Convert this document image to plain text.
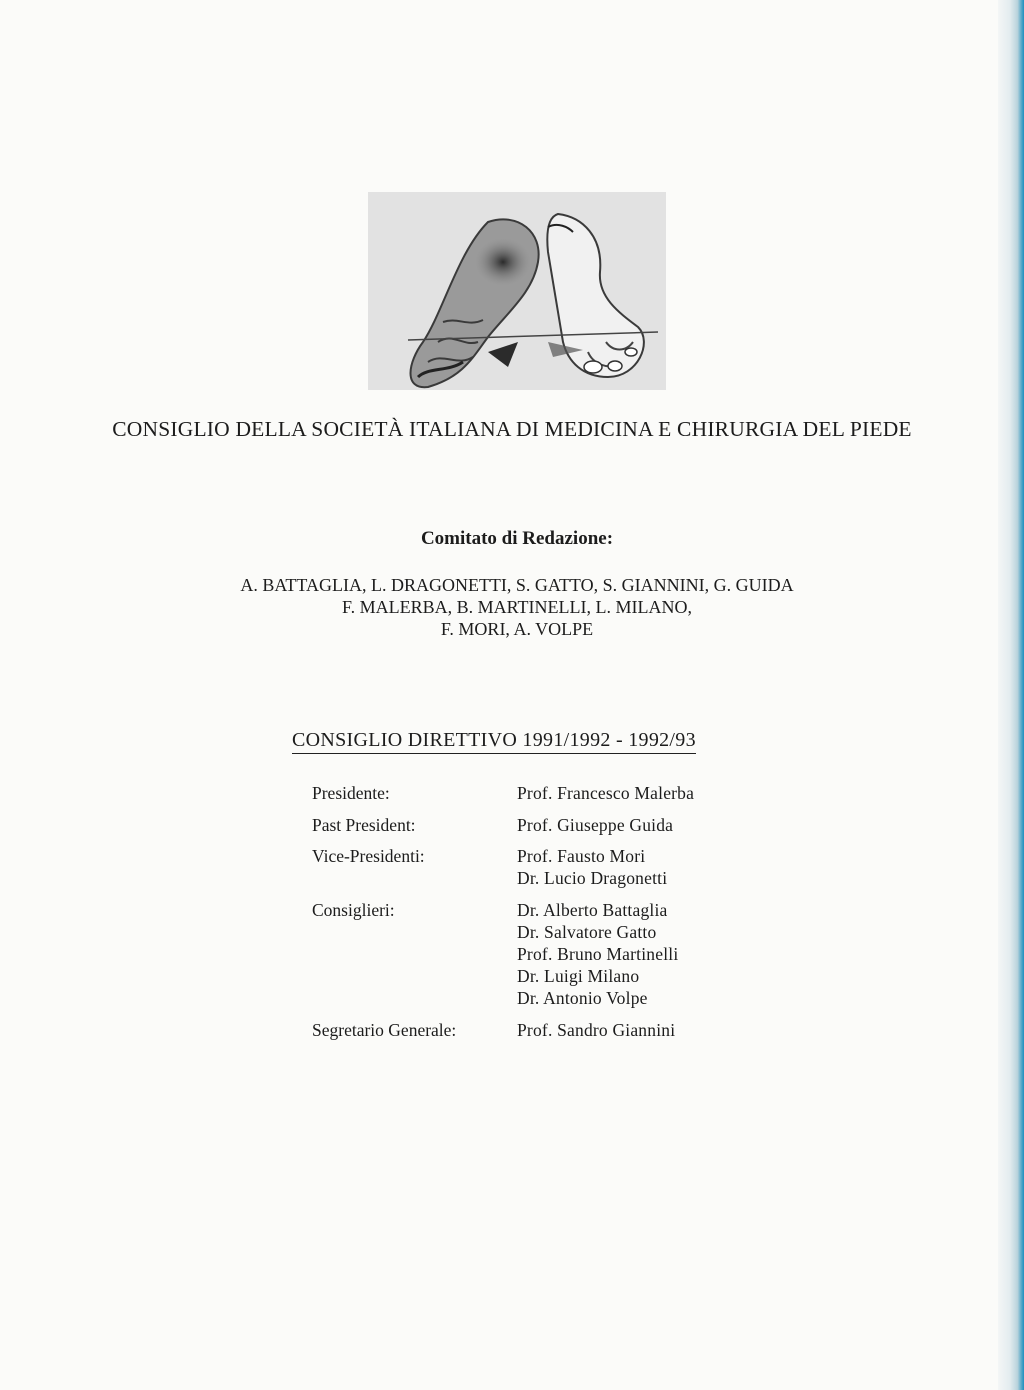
CONSIGLIO DELLA SOCIETÀ ITALIANA DI MEDICINA E CHIRURGIA DEL PIEDE
Comitato di Redazione:
A. BATTAGLIA, L. DRAGONETTI, S. GATTO, S. GIANNINI, G. GUIDA
F. MALERBA, B. MARTINELLI, L. MILANO,
F. MORI, A. VOLPE
CONSIGLIO DIRETTIVO 1991/1992 - 1992/93
Presidente:	Prof. Francesco Malerba
Past President:	Prof. Giuseppe Guida
Vice-Presidenti:	Prof. Fausto Mori
Dr. Lucio Dragonetti
Consiglieri:	Dr. Alberto Battaglia
Dr. Salvatore Gatto
Prof. Bruno Martinelli
Dr. Luigi Milano
Dr. Antonio Volpe
Segretario Generale:	Prof. Sandro Giannini
